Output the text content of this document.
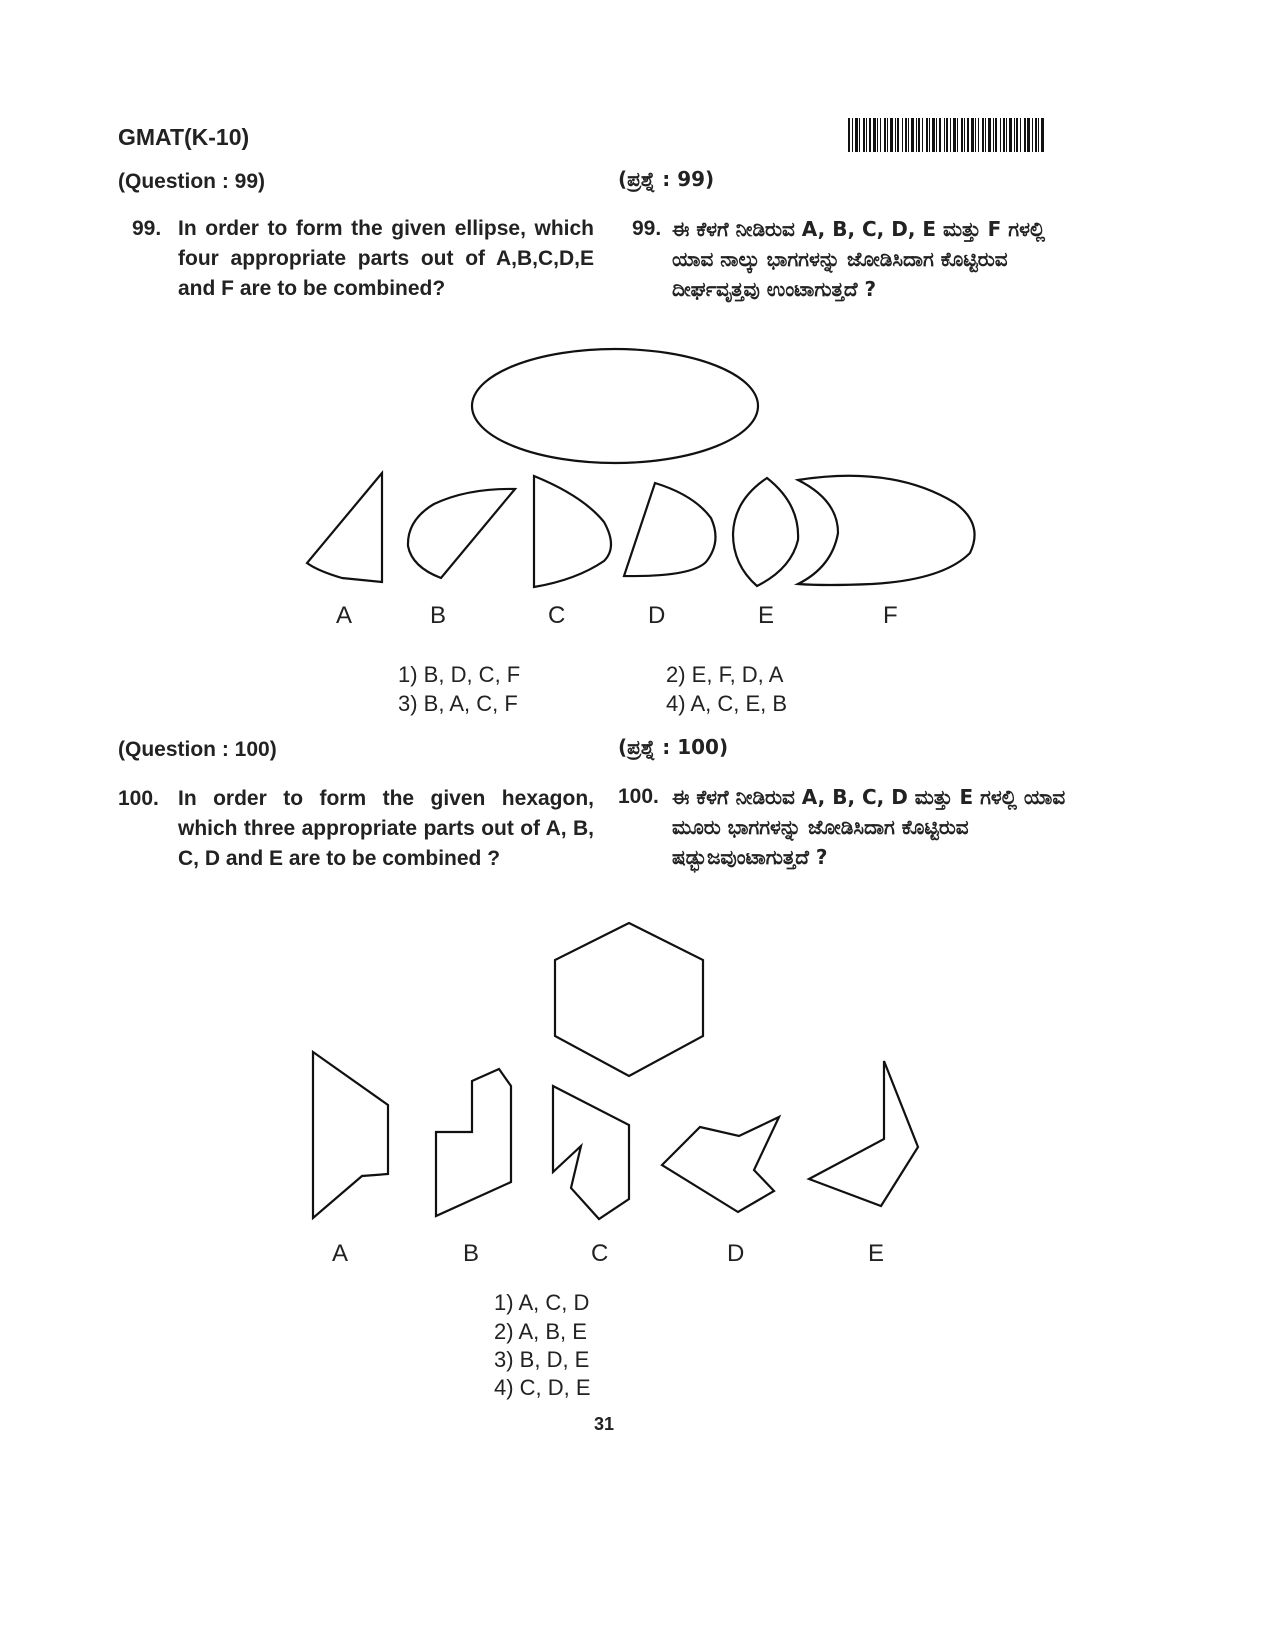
GMAT(K-10)
(Question : 99)	(ಪ್ರಶ್ನೆ : 99)
99. In order to form the given ellipse, which four appropriate parts out of A,B,C,D,E and F are to be combined?
99. ಈ ಕೆಳಗೆ ನೀಡಿರುವ A, B, C, D, E ಮತ್ತು F ಗಳಲ್ಲಿ ಯಾವ ನಾಲ್ಕು ಭಾಗಗಳನ್ನು ಜೋಡಿಸಿದಾಗ ಕೊಟ್ಟಿರುವ ದೀರ್ಘವೃತ್ತವು ಉಂಟಾಗುತ್ತದೆ ?
A	B	C	D	E	F
1) B, D, C, F	2) E, F, D, A
3) B, A, C, F	4) A, C, E, B
(Question : 100)	(ಪ್ರಶ್ನೆ : 100)
100. In order to form the given hexagon, which three appropriate parts out of A, B, C, D and E are to be combined ?
100. ಈ ಕೆಳಗೆ ನೀಡಿರುವ A, B, C, D ಮತ್ತು E ಗಳಲ್ಲಿ ಯಾವ ಮೂರು ಭಾಗಗಳನ್ನು ಜೋಡಿಸಿದಾಗ ಕೊಟ್ಟಿರುವ ಷಡ್ಭುಜವುಂಟಾಗುತ್ತದೆ ?
A	B	C	D	E
1) A, C, D
2) A, B, E
3) B, D, E
4) C, D, E
31
